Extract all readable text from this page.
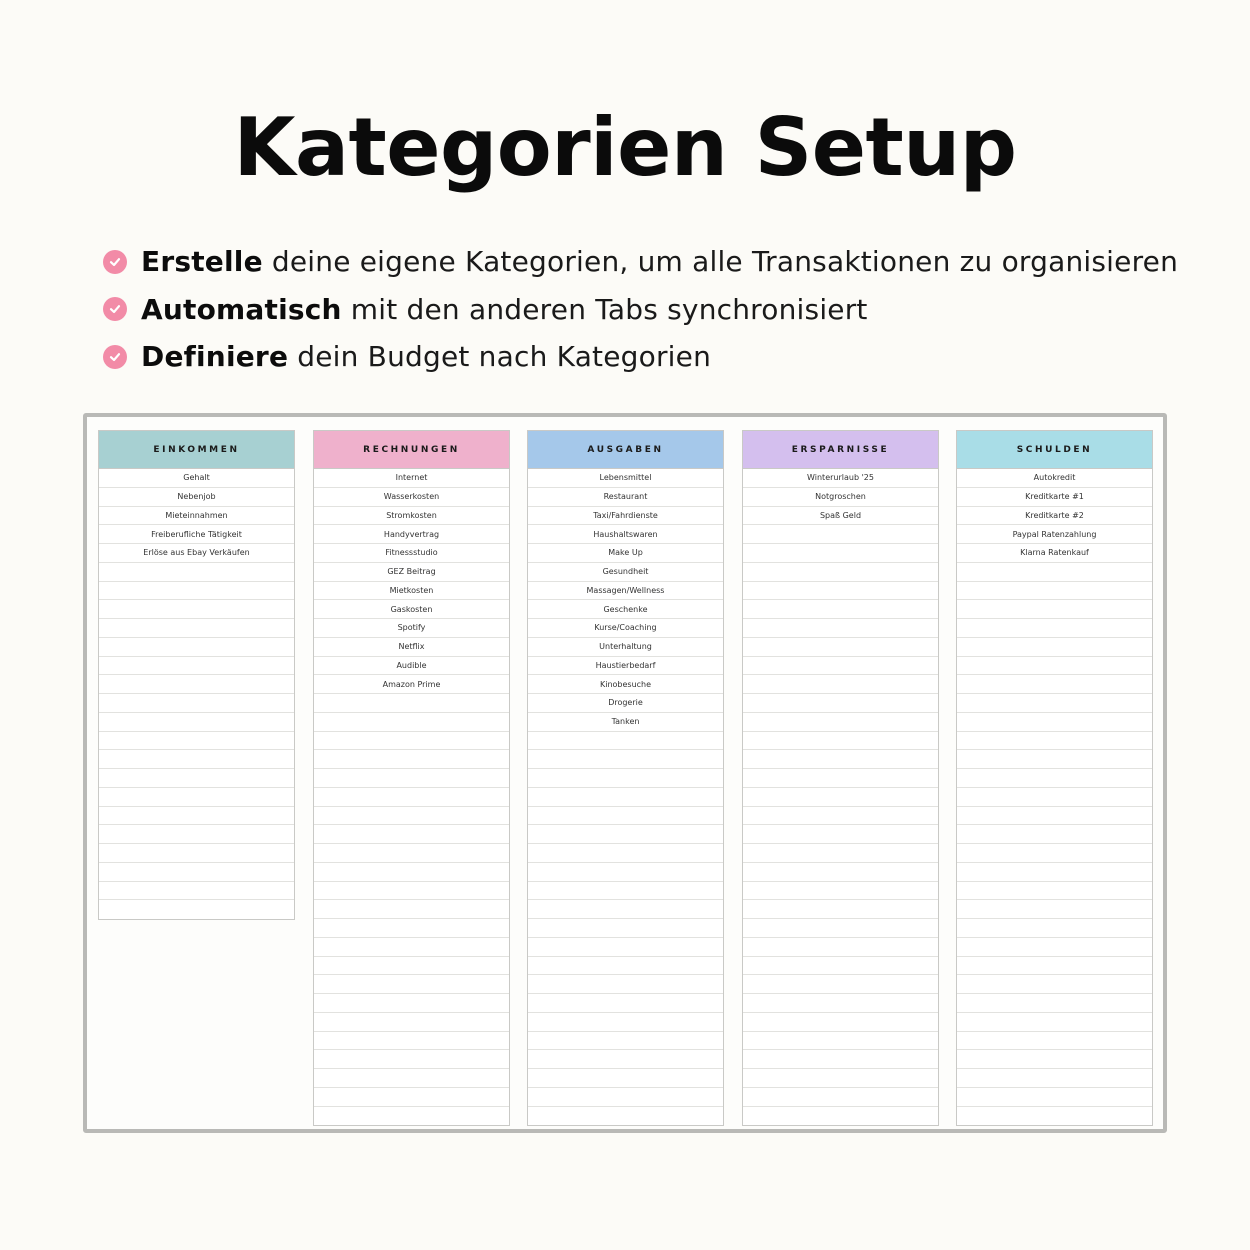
Kategorien Setup
Erstelle deine eigene Kategorien, um alle Transaktionen zu organisieren
Automatisch mit den anderen Tabs synchronisiert
Definiere dein Budget nach Kategorien
EINKOMMEN
Gehalt
Nebenjob
Mieteinnahmen
Freiberufliche Tätigkeit
Erlöse aus Ebay Verkäufen
RECHNUNGEN
Internet
Wasserkosten
Stromkosten
Handyvertrag
Fitnessstudio
GEZ Beitrag
Mietkosten
Gaskosten
Spotify
Netflix
Audible
Amazon Prime
AUSGABEN
Lebensmittel
Restaurant
Taxi/Fahrdienste
Haushaltswaren
Make Up
Gesundheit
Massagen/Wellness
Geschenke
Kurse/Coaching
Unterhaltung
Haustierbedarf
Kinobesuche
Drogerie
Tanken
ERSPARNISSE
Winterurlaub '25
Notgroschen
Spaß Geld
SCHULDEN
Autokredit
Kreditkarte #1
Kreditkarte #2
Paypal Ratenzahlung
Klarna Ratenkauf
